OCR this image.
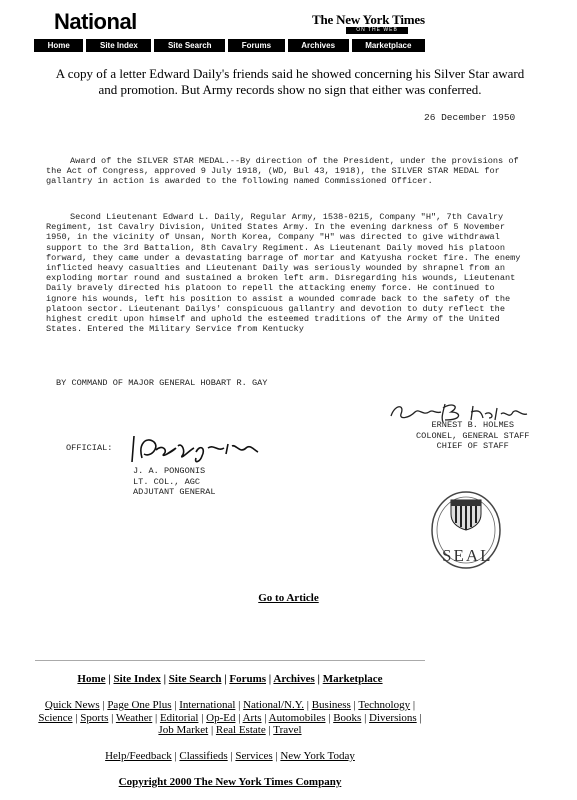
National	The New York Times
ON THE WEB
Home	Site Index	Site Search	Forums	Archives	Marketplace
A copy of a letter Edward Daily's friends said he showed concerning his Silver Star award and promotion. But Army records show no sign that either was conferred.
26 December 1950
Award of the SILVER STAR MEDAL.--By direction of the President, under the provisions of the Act of Congress, approved 9 July 1918, (WD, Bul 43, 1918), the SILVER STAR MEDAL for gallantry in action is awarded to the following named Commissioned Officer.
Second Lieutenant Edward L. Daily, Regular Army, 1538-0215, Company "H", 7th Cavalry Regiment, 1st Cavalry Division, United States Army. In the evening darkness of 5 November 1950, in the vicinity of Unsan, North Korea, Company "H" was directed to give withdrawal support to the 3rd Battalion, 8th Cavalry Regiment. As Lieutenant Daily moved his platoon forward, they came under a devastating barrage of mortar and Katyusha rocket fire. The enemy inflicted heavy casualties and Lieutenant Daily was seriously wounded by shrapnel from an exploding mortar round and sustained a broken left arm. Disregarding his wounds, Lieutenant Daily bravely directed his platoon to repell the attacking enemy force. He continued to ignore his wounds, left his position to assist a wounded comrade back to the safety of the platoon sector. Lieutenant Dailys' conspicuous gallantry and devotion to duty reflect the highest credit upon himself and uphold the esteemed traditions of the Army of the United States. Entered the Military Service from Kentucky
BY COMMAND OF MAJOR GENERAL HOBART R. GAY
ERNEST B. HOLMES
COLONEL, GENERAL STAFF
CHIEF OF STAFF
OFFICIAL:
J. A. PONGONIS
LT. COL., AGC
ADJUTANT GENERAL
SEAL
Go to Article
Home | Site Index | Site Search | Forums | Archives | Marketplace
Quick News | Page One Plus | International | National/N.Y. | Business | Technology |
Science | Sports | Weather | Editorial | Op-Ed | Arts | Automobiles | Books | Diversions |
Job Market | Real Estate | Travel
Help/Feedback | Classifieds | Services | New York Today
Copyright 2000 The New York Times Company
